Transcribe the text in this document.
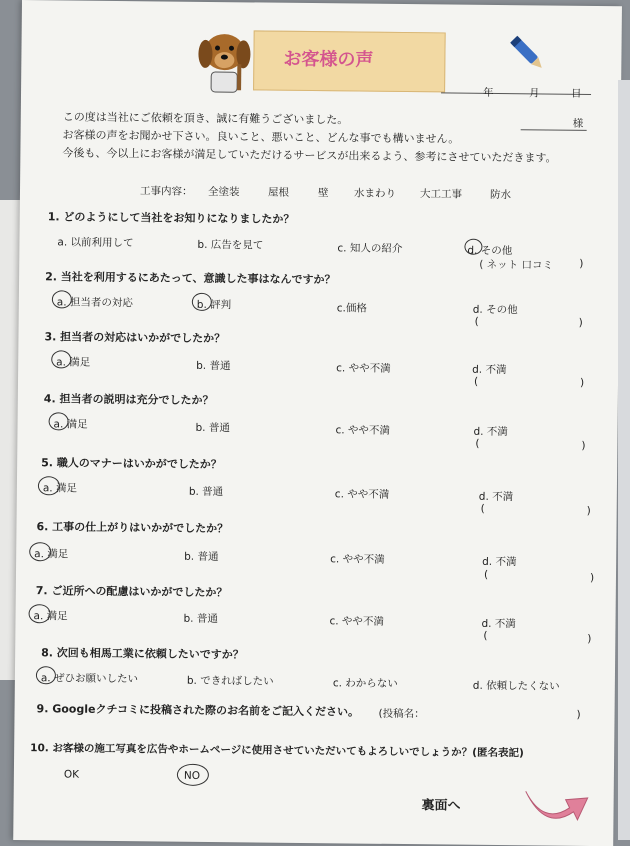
お客様の声
年	月	日
様
この度は当社にご依頼を頂き、誠に有難うございました。
お客様の声をお聞かせ下さい。良いこと、悪いこと、どんな事でも構いません。
今後も、今以上にお客様が満足していただけるサービスが出来るよう、参考にさせていただきます。
工事内容： 全塗装	屋根	壁 水まわり 大工工事	防水
1. どのようにして当社をお知りになりましたか？
a. 以前利用して	b. 広告を見て	c. 知人の紹介	d. その他
( ネット 口コミ )
2. 当社を利用するにあたって、意識した事はなんですか？
a. 担当者の対応	b. 評判	c.価格	d. その他
(	)
3. 担当者の対応はいかがでしたか？
a. 満足	b. 普通	c. やや不満	d. 不満
(	)
4. 担当者の説明は充分でしたか？
a. 満足	b. 普通	c. やや不満	d. 不満
(	)
5. 職人のマナーはいかがでしたか？
a. 満足	b. 普通	c. やや不満	d. 不満
(	)
6. 工事の仕上がりはいかがでしたか？
a. 満足	b. 普通	c. やや不満	d. 不満
(	)
7. ご近所への配慮はいかがでしたか？
a. 満足	b. 普通	c. やや不満	d. 不満
(	)
8. 次回も相馬工業に依頼したいですか？
a. ぜひお願いしたい	b. できればしたい	c. わからない	d. 依頼したくない
9. Googleクチコミに投稿された際のお名前をご記入ください。 (投稿名：	)
10. お客様の施工写真を広告やホームページに使用させていただいてもよろしいでしょうか？(匿名表記)
OK	NO
裏面へ
